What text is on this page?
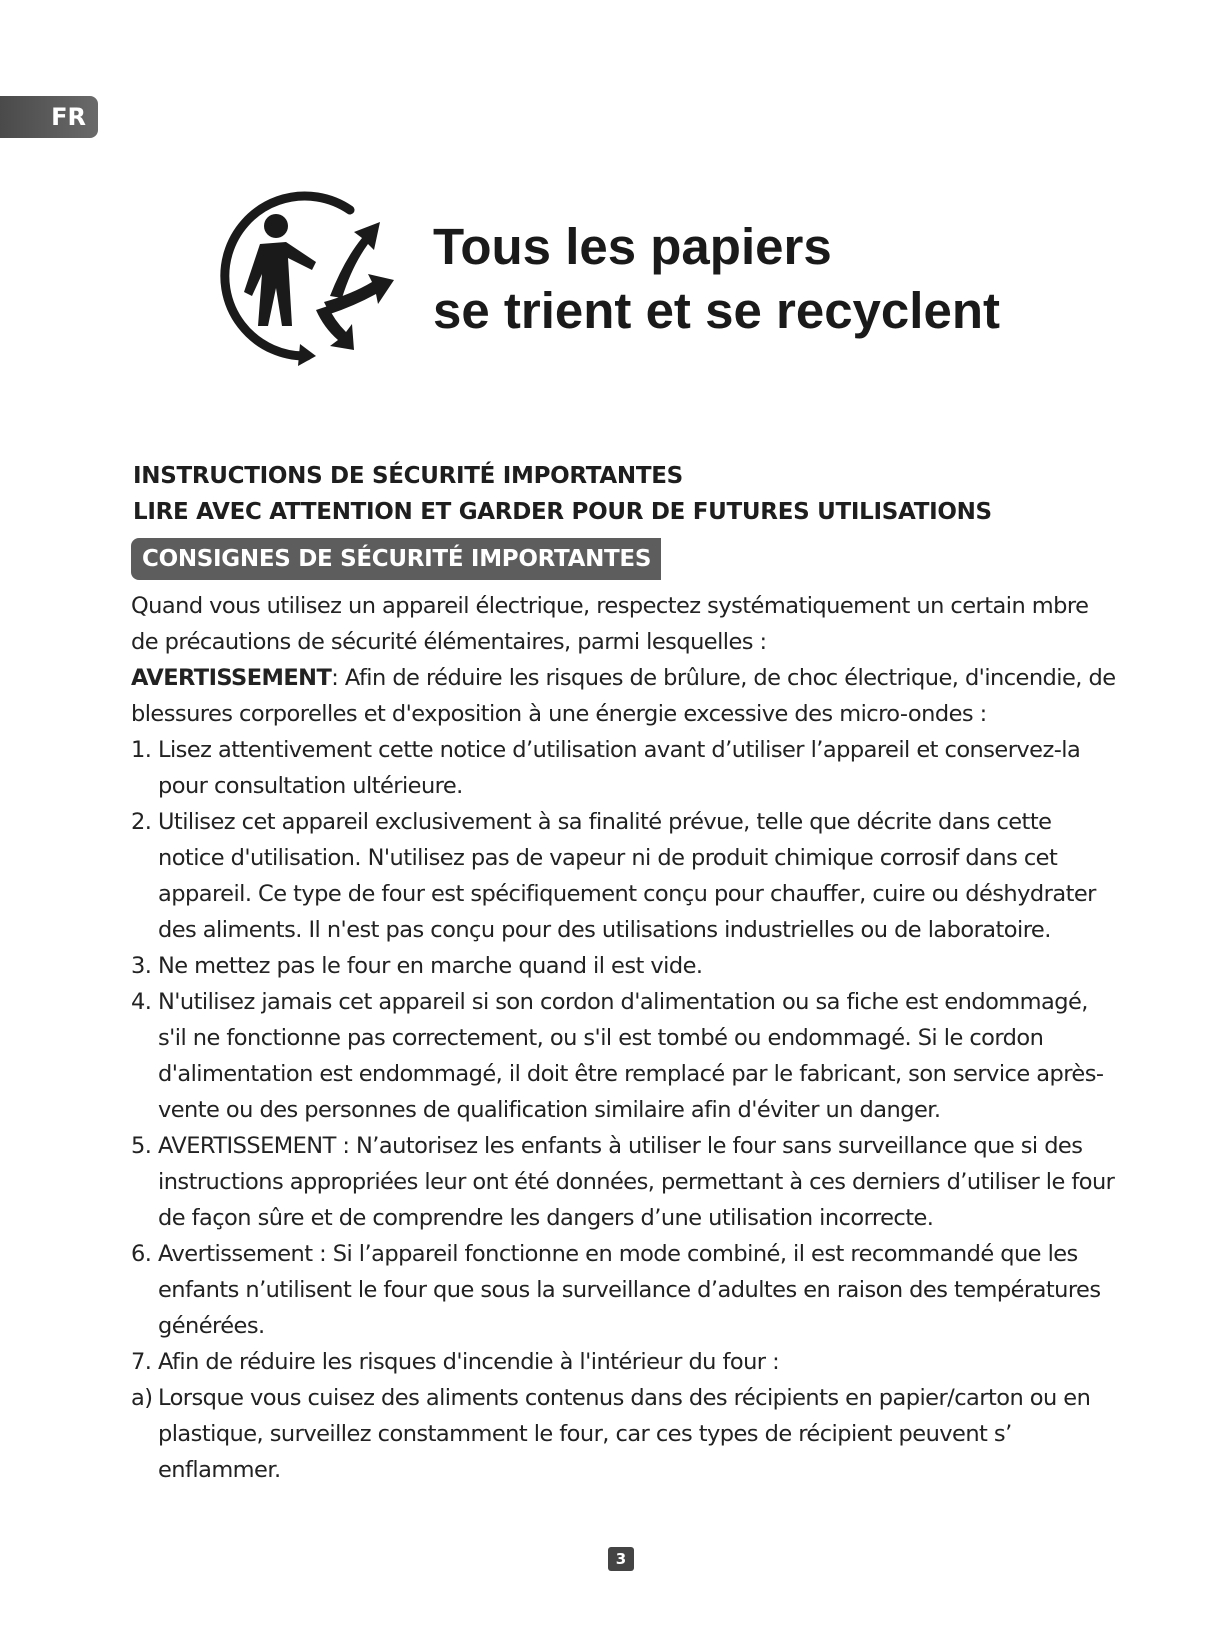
FR
Tous les papiers
se trient et se recyclent
INSTRUCTIONS DE SÉCURITÉ IMPORTANTES
LIRE AVEC ATTENTION ET GARDER POUR DE FUTURES UTILISATIONS
CONSIGNES DE SÉCURITÉ IMPORTANTES

Quand vous utilisez un appareil électrique, respectez systématiquement un certain mbre de précautions de sécurité élémentaires, parmi lesquelles :

AVERTISSEMENT: Afin de réduire les risques de brûlure, de choc électrique, d'incendie, de blessures corporelles et d'exposition à une énergie excessive des micro-ondes :

1. Lisez attentivement cette notice d’utilisation avant d’utiliser l’appareil et conservez-la pour consultation ultérieure.
2. Utilisez cet appareil exclusivement à sa finalité prévue, telle que décrite dans cette notice d'utilisation. N'utilisez pas de vapeur ni de produit chimique corrosif dans cet appareil. Ce type de four est spécifiquement conçu pour chauffer, cuire ou déshydrater des aliments. Il n'est pas conçu pour des utilisations industrielles ou de laboratoire.
3. Ne mettez pas le four en marche quand il est vide.
4. N'utilisez jamais cet appareil si son cordon d'alimentation ou sa fiche est endommagé, s'il ne fonctionne pas correctement, ou s'il est tombé ou endommagé. Si le cordon d'alimentation est endommagé, il doit être remplacé par le fabricant, son service après-vente ou des personnes de qualification similaire afin d'éviter un danger.
5. AVERTISSEMENT : N’autorisez les enfants à utiliser le four sans surveillance que si des instructions appropriées leur ont été données, permettant à ces derniers d’utiliser le four de façon sûre et de comprendre les dangers d’une utilisation incorrecte.
6. Avertissement : Si l’appareil fonctionne en mode combiné, il est recommandé que les enfants n’utilisent le four que sous la surveillance d’adultes en raison des températures générées.
7. Afin de réduire les risques d'incendie à l'intérieur du four :
a) Lorsque vous cuisez des aliments contenus dans des récipients en papier/carton ou en plastique, surveillez constamment le four, car ces types de récipient peuvent s’ enflammer.
3
